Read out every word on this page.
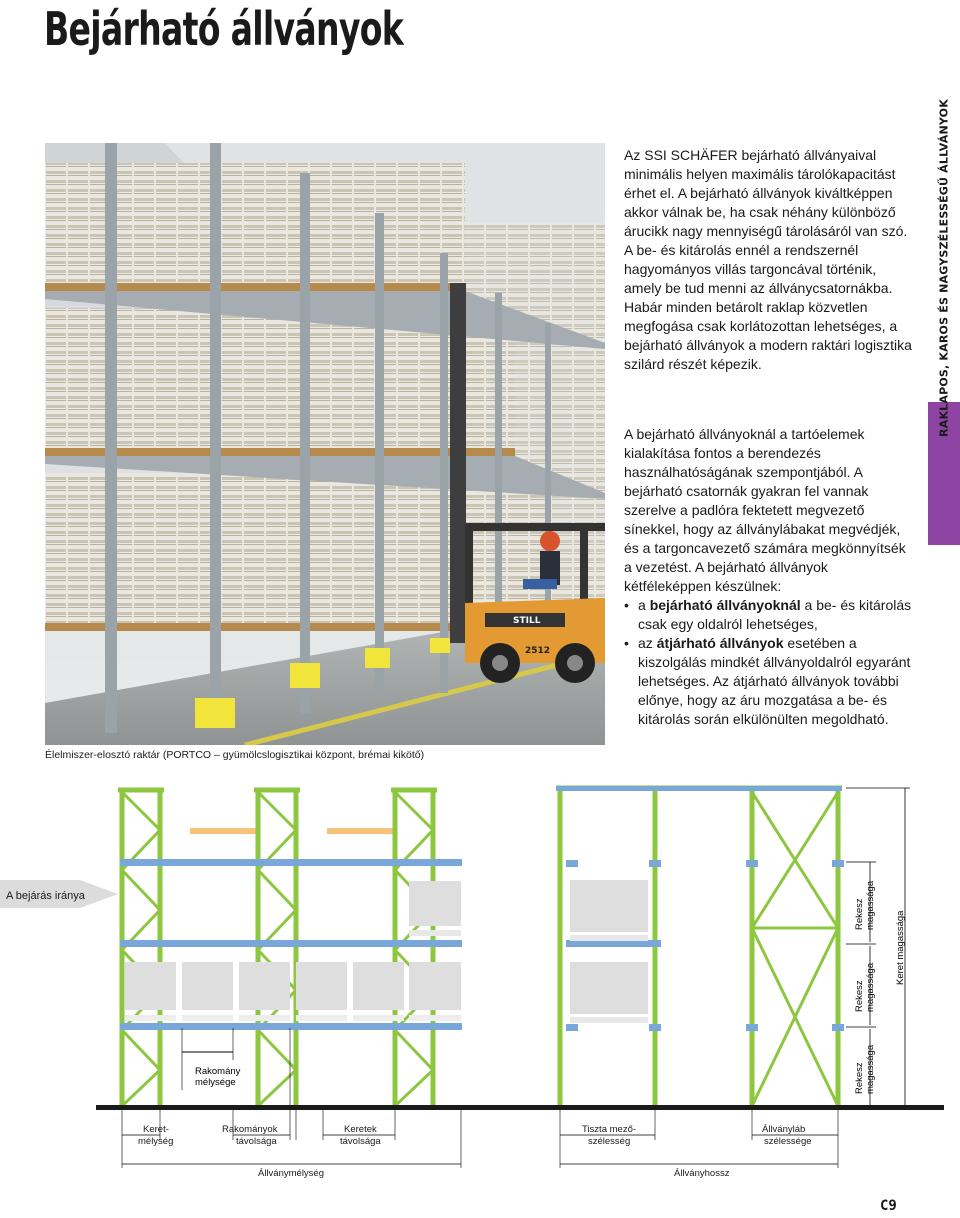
Bejárható állványok
STILL
2512
Élelmiszer-elosztó raktár (PORTCO – gyümölcslogisztikai központ, brémai kikötő)

Az SSI SCHÄFER bejárható állványaival minimális helyen maximális tárolókapacitást érhet el. A bejárható állványok kiváltképpen akkor válnak be, ha csak néhány különböző árucikk nagy mennyiségű tárolásáról van szó. A be- és kitárolás ennél a rendszernél hagyományos villás targoncával történik, amely be tud menni az állványcsatornákba. Habár minden betárolt raklap közvetlen megfogása csak korlátozottan lehetséges, a bejárható állványok a modern raktári logisztika szilárd részét képezik.

A bejárható állványoknál a tartóelemek kialakítása fontos a berendezés használhatóságának szempontjából. A bejárható csatornák gyakran fel vannak szerelve a padlóra fektetett megvezető sínekkel, hogy az állványlábakat megvédjék, és a targoncavezető számára megkönnyítsék a vezetést. A bejárható állványok kétféleképpen készülnek:
• a bejárható állványoknál a be- és kitárolás csak egy oldalról lehetséges,
• az átjárható állványok esetében a kiszolgálás mindkét állványoldalról egyaránt lehetséges. Az átjárható állványok további előnye, hogy az áru mozgatása a be- és kitárolás során elkülönülten megoldható.
RAKLAPOS, KAROS ÉS NAGYSZÉLESSÉGŰ ÁLLVÁNYOK
A bejárás iránya
Rakomány
mélysége
Rekesz magassága
Rekesz magassága
Rekesz magassága
Keret magassága
Keret-
mélység
Rakományok
távolsága
Keretek
távolsága
Állványmélység
Tiszta mező-
szélesség
Állványláb
szélessége
Állványhossz
C9
